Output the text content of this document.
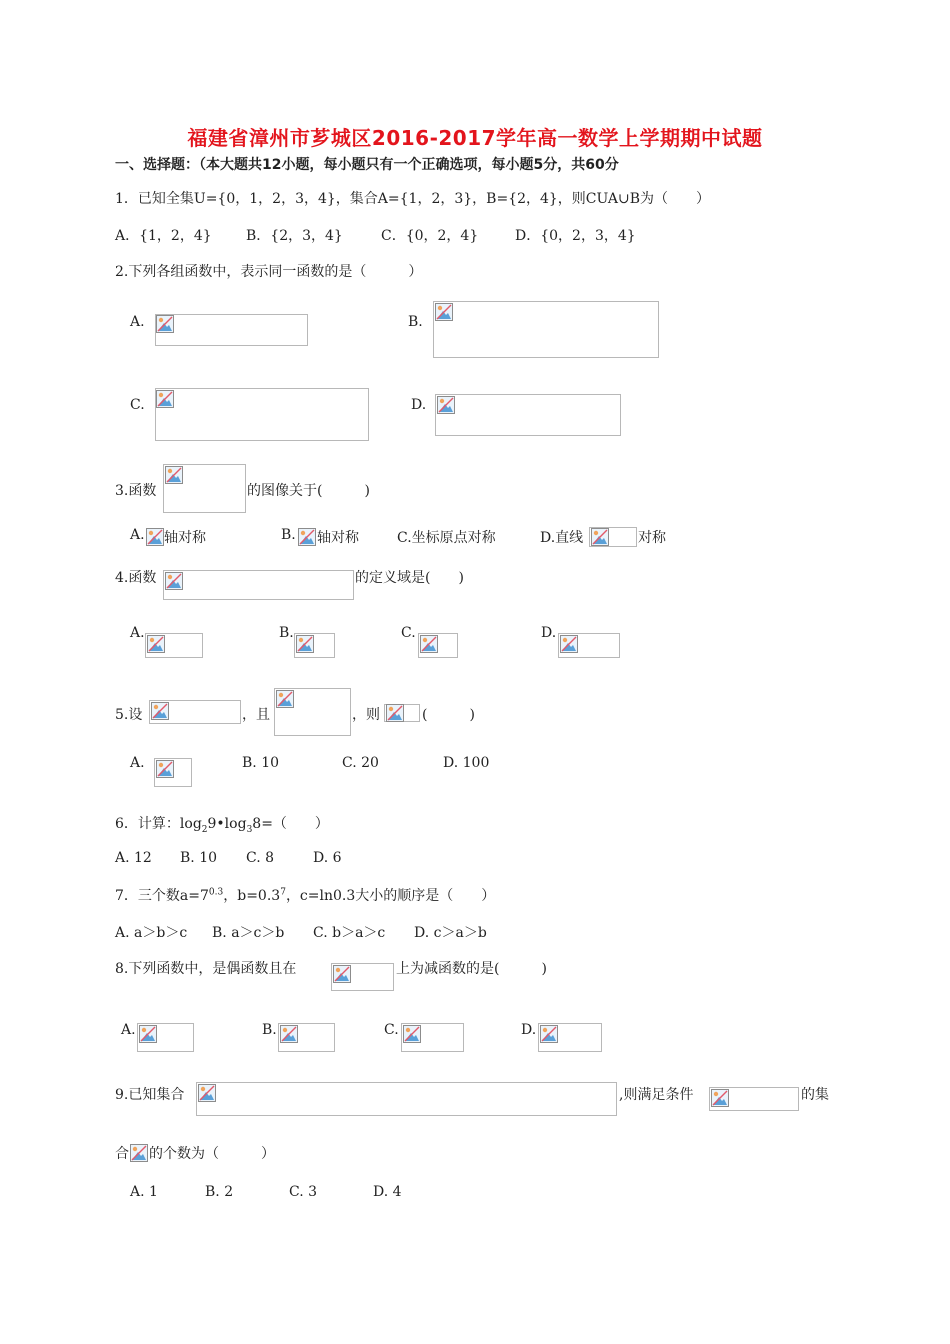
福建省漳州市芗城区2016-2017学年高一数学上学期期中试题
一、选择题：（本大题共12小题，每小题只有一个正确选项，每小题5分，共60分
1．已知全集U={0，1，2，3，4}，集合A={1，2，3}，B={2，4}，则CUA∪B为（　　）
A．{1，2，4} B．{2，3，4}	C．{0，2，4}	D．{0，2，3，4}
2.下列各组函数中，表示同一函数的是（　　　）
A.	B.
C.	D.
3.函数	的图像关于(　　　)
A. 轴对称	B. 轴对称	C.坐标原点对称	D.直线	对称
4.函数	的定义域是(　　)
A.	B.	C.	D.
5.设	，且	，则	(　　　)
A.	B. 10	C. 20	D. 100
6．计算：$\log_29•\log_38=$（　　）
A. 12 B. 10 C. 8	D. 6
7．三个数$a=7^{0.3}$，$b=0.3^7$，c=ln0.3大小的顺序是（　　）
A. a＞b＞c B. a＞c＞b C. b＞a＞c D. c＞a＞b
8.下列函数中，是偶函数且在	上为减函数的是(　　　)
A.	B.	C.	D.
9.已知集合	,则满足条件	的集
合 的个数为（　　　）
A. 1	B. 2	C. 3	D. 4
